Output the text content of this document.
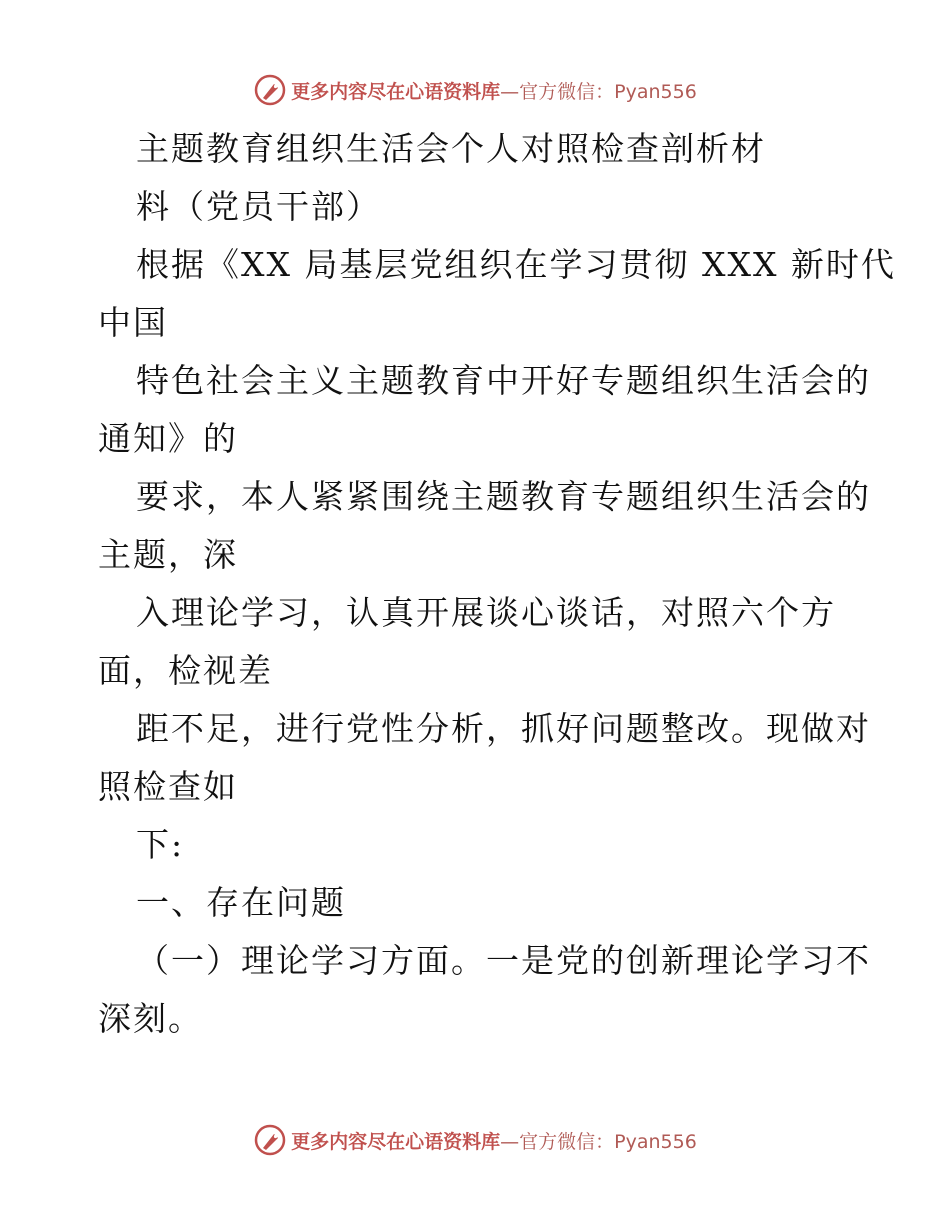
更多内容尽在心语资料库—官方微信：Pyan556
主题教育组织生活会个人对照检查剖析材
料（党员干部）
根据《XX 局基层党组织在学习贯彻 XXX 新时代
中国
特色社会主义主题教育中开好专题组织生活会的
通知》的
要求，本人紧紧围绕主题教育专题组织生活会的
主题，深
入理论学习，认真开展谈心谈话，对照六个方
面，检视差
距不足，进行党性分析，抓好问题整改。现做对
照检查如
下:
一、存在问题
（一）理论学习方面。一是党的创新理论学习不
深刻。
更多内容尽在心语资料库—官方微信：Pyan556
